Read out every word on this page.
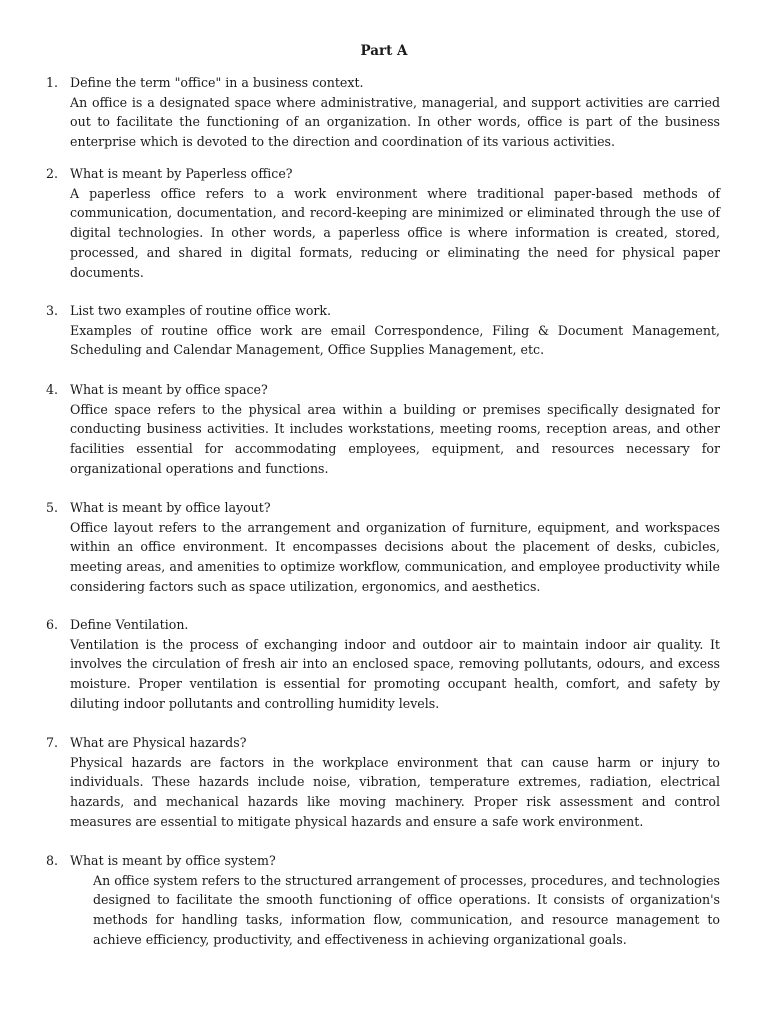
Part A
1. Define the term "office" in a business context.
An office is a designated space where administrative, managerial, and support activities are carried out to facilitate the functioning of an organization. In other words, office is part of the business enterprise which is devoted to the direction and coordination of its various activities.
2. What is meant by Paperless office?
A paperless office refers to a work environment where traditional paper-based methods of communication, documentation, and record-keeping are minimized or eliminated through the use of digital technologies. In other words, a paperless office is where information is created, stored, processed, and shared in digital formats, reducing or eliminating the need for physical paper documents.
3. List two examples of routine office work.
Examples of routine office work are email Correspondence, Filing & Document Management, Scheduling and Calendar Management, Office Supplies Management, etc.
4. What is meant by office space?
Office space refers to the physical area within a building or premises specifically designated for conducting business activities. It includes workstations, meeting rooms, reception areas, and other facilities essential for accommodating employees, equipment, and resources necessary for organizational operations and functions.
5. What is meant by office layout?
Office layout refers to the arrangement and organization of furniture, equipment, and workspaces within an office environment. It encompasses decisions about the placement of desks, cubicles, meeting areas, and amenities to optimize workflow, communication, and employee productivity while considering factors such as space utilization, ergonomics, and aesthetics.
6. Define Ventilation.
Ventilation is the process of exchanging indoor and outdoor air to maintain indoor air quality. It involves the circulation of fresh air into an enclosed space, removing pollutants, odours, and excess moisture. Proper ventilation is essential for promoting occupant health, comfort, and safety by diluting indoor pollutants and controlling humidity levels.
7. What are Physical hazards?
Physical hazards are factors in the workplace environment that can cause harm or injury to individuals. These hazards include noise, vibration, temperature extremes, radiation, electrical hazards, and mechanical hazards like moving machinery. Proper risk assessment and control measures are essential to mitigate physical hazards and ensure a safe work environment.
8. What is meant by office system?
An office system refers to the structured arrangement of processes, procedures, and technologies designed to facilitate the smooth functioning of office operations. It consists of organization's methods for handling tasks, information flow, communication, and resource management to achieve efficiency, productivity, and effectiveness in achieving organizational goals.
